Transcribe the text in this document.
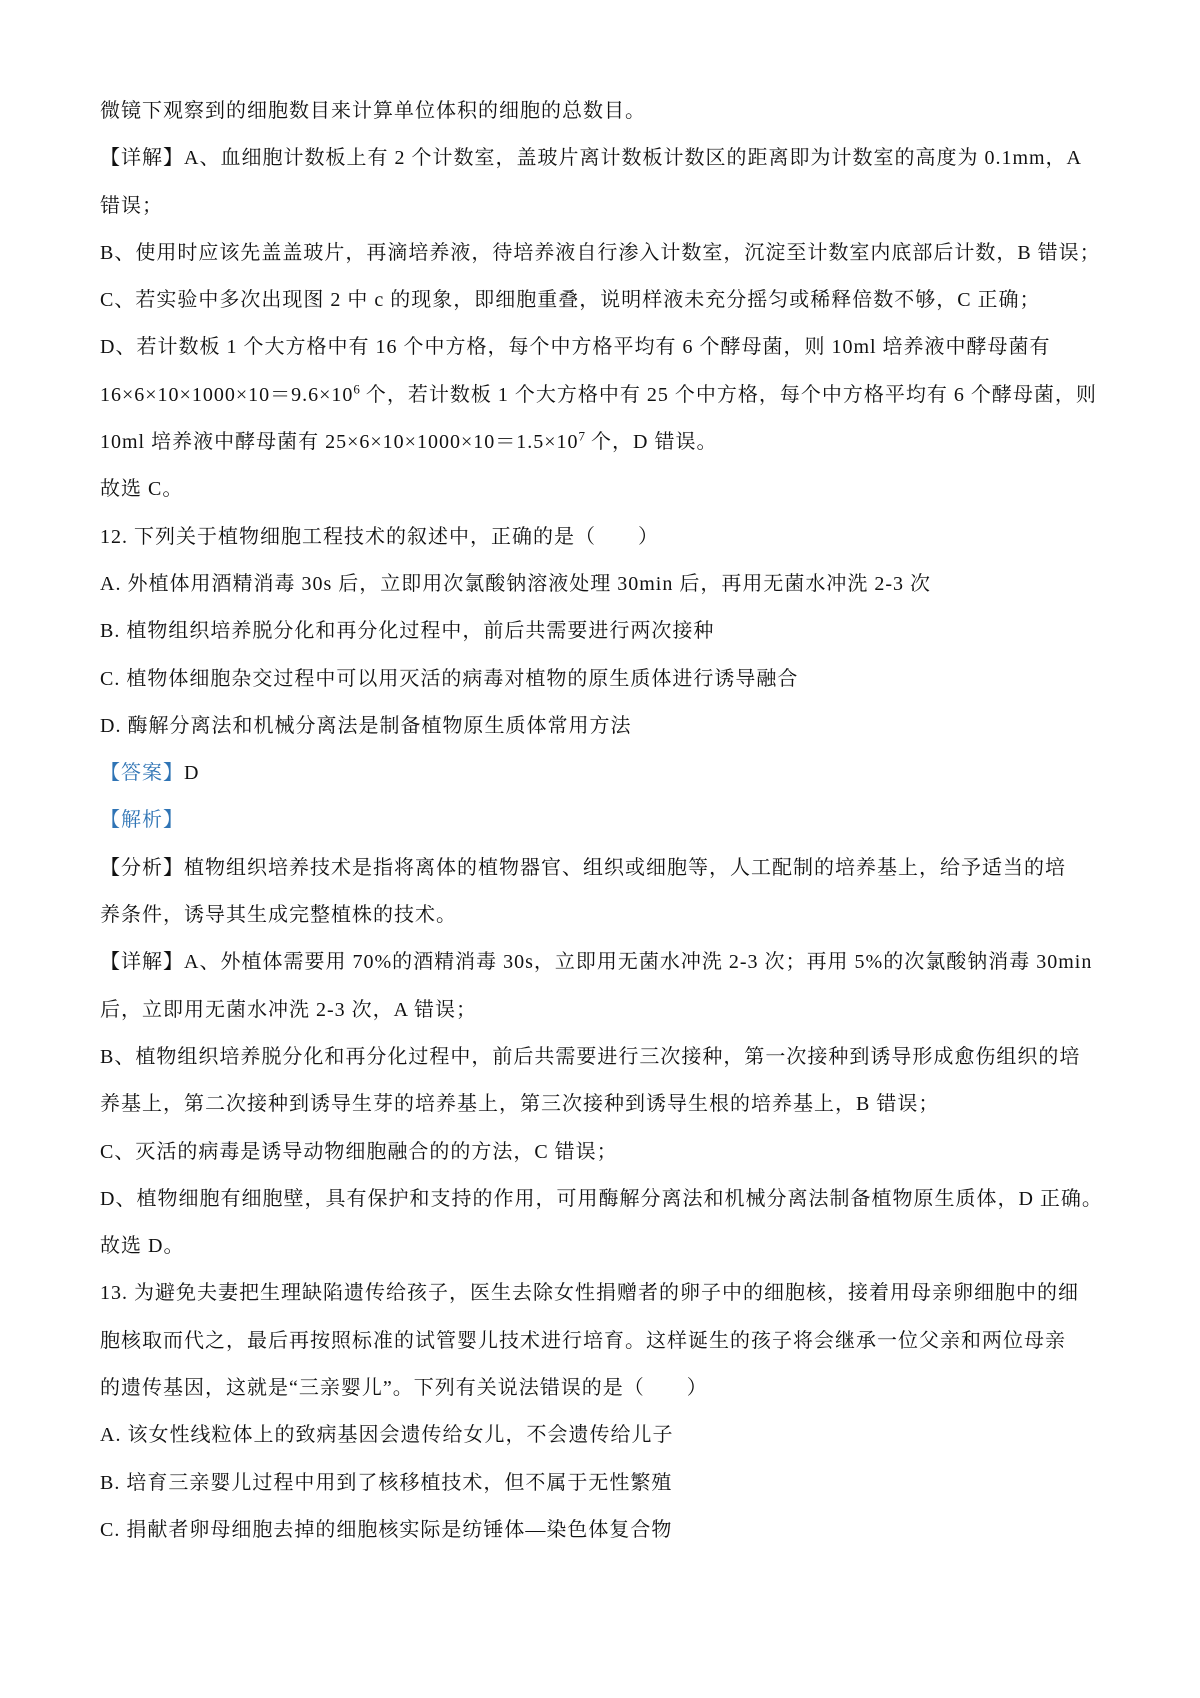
微镜下观察到的细胞数目来计算单位体积的细胞的总数目。
【详解】A、血细胞计数板上有 2 个计数室，盖玻片离计数板计数区的距离即为计数室的高度为 0.1mm，A
错误；
B、使用时应该先盖盖玻片，再滴培养液，待培养液自行渗入计数室，沉淀至计数室内底部后计数，B 错误；
C、若实验中多次出现图 2 中 c 的现象，即细胞重叠，说明样液未充分摇匀或稀释倍数不够，C 正确；
D、若计数板 1 个大方格中有 16 个中方格，每个中方格平均有 6 个酵母菌，则 10ml 培养液中酵母菌有
$16\times 6\times 10\times 1000\times 10=9.6\times 10^6$ 个，若计数板 1 个大方格中有 25 个中方格，每个中方格平均有 6 个酵母菌，则
10ml 培养液中酵母菌有 $25\times 6\times 10\times 1000\times 10=1.5\times 10^7$ 个，D 错误。
故选 C。
12. 下列关于植物细胞工程技术的叙述中，正确的是（　　）
A. 外植体用酒精消毒 30s 后，立即用次氯酸钠溶液处理 30min 后，再用无菌水冲洗 2-3 次
B. 植物组织培养脱分化和再分化过程中，前后共需要进行两次接种
C. 植物体细胞杂交过程中可以用灭活的病毒对植物的原生质体进行诱导融合
D. 酶解分离法和机械分离法是制备植物原生质体常用方法
【答案】D
【解析】
【分析】植物组织培养技术是指将离体的植物器官、组织或细胞等，人工配制的培养基上，给予适当的培
养条件，诱导其生成完整植株的技术。
【详解】A、外植体需要用 70%的酒精消毒 30s，立即用无菌水冲洗 2-3 次；再用 5%的次氯酸钠消毒 30min
后，立即用无菌水冲洗 2-3 次，A 错误；
B、植物组织培养脱分化和再分化过程中，前后共需要进行三次接种，第一次接种到诱导形成愈伤组织的培
养基上，第二次接种到诱导生芽的培养基上，第三次接种到诱导生根的培养基上，B 错误；
C、灭活的病毒是诱导动物细胞融合的的方法，C 错误；
D、植物细胞有细胞壁，具有保护和支持的作用，可用酶解分离法和机械分离法制备植物原生质体，D 正确。
故选 D。
13. 为避免夫妻把生理缺陷遗传给孩子，医生去除女性捐赠者的卵子中的细胞核，接着用母亲卵细胞中的细
胞核取而代之，最后再按照标准的试管婴儿技术进行培育。这样诞生的孩子将会继承一位父亲和两位母亲
的遗传基因，这就是“三亲婴儿”。下列有关说法错误的是（　　）
A. 该女性线粒体上的致病基因会遗传给女儿，不会遗传给儿子
B. 培育三亲婴儿过程中用到了核移植技术，但不属于无性繁殖
C. 捐献者卵母细胞去掉的细胞核实际是纺锤体—染色体复合物
